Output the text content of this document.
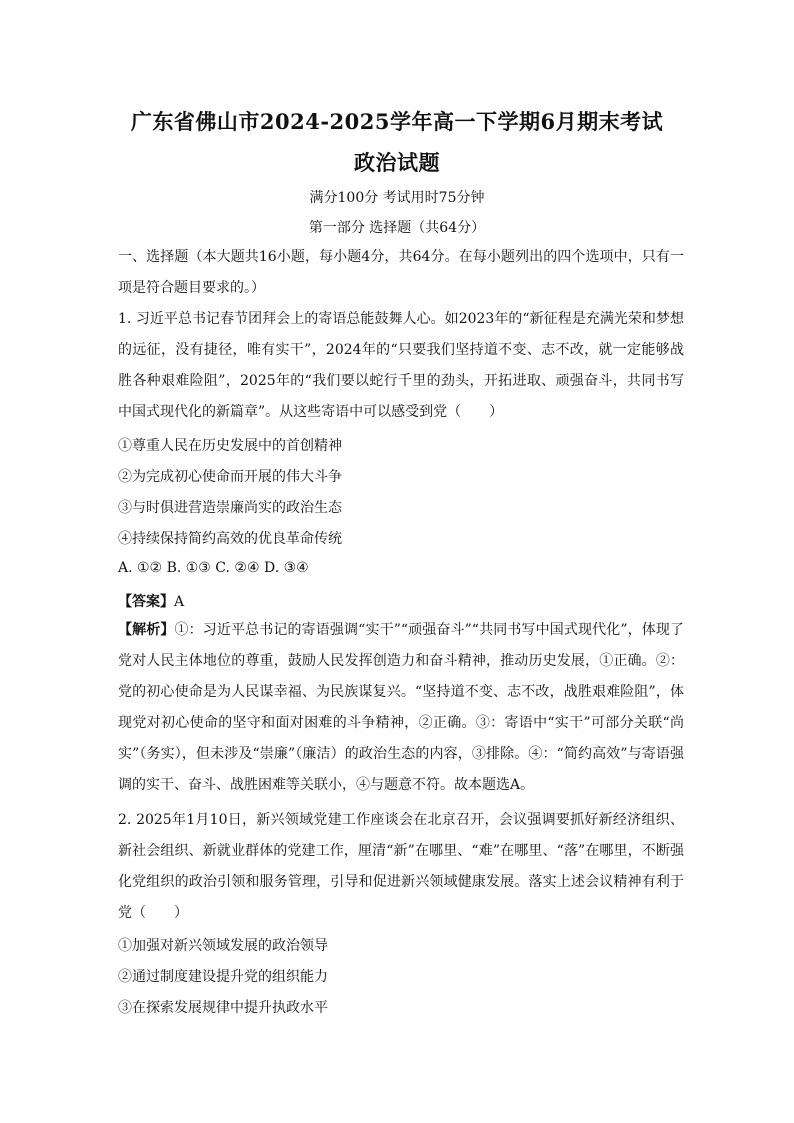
广东省佛山市2024-2025学年高一下学期6月期末考试
政治试题
满分100分 考试用时75分钟
第一部分 选择题（共64分）
一、选择题（本大题共16小题，每小题4分，共64分。在每小题列出的四个选项中，只有一项是符合题目要求的。）
1. 习近平总书记春节团拜会上的寄语总能鼓舞人心。如2023年的“新征程是充满光荣和梦想的远征，没有捷径，唯有实干”，2024年的“只要我们坚持道不变、志不改，就一定能够战胜各种艰难险阻”，2025年的“我们要以蛇行千里的劲头，开拓进取、顽强奋斗，共同书写中国式现代化的新篇章”。从这些寄语中可以感受到党（　　）
①尊重人民在历史发展中的首创精神
②为完成初心使命而开展的伟大斗争
③与时俱进营造崇廉尚实的政治生态
④持续保持简约高效的优良革命传统
A. ①② B. ①③ C. ②④ D. ③④
【答案】A
【解析】①：习近平总书记的寄语强调“实干”“顽强奋斗”“共同书写中国式现代化”，体现了党对人民主体地位的尊重，鼓励人民发挥创造力和奋斗精神，推动历史发展，①正确。②：党的初心使命是为人民谋幸福、为民族谋复兴。“坚持道不变、志不改，战胜艰难险阻”，体现党对初心使命的坚守和面对困难的斗争精神，②正确。③：寄语中“实干”可部分关联“尚实”（务实），但未涉及“崇廉”（廉洁）的政治生态的内容，③排除。④：“简约高效”与寄语强调的实干、奋斗、战胜困难等关联小，④与题意不符。故本题选A。
2. 2025年1月10日，新兴领域党建工作座谈会在北京召开，会议强调要抓好新经济组织、新社会组织、新就业群体的党建工作，厘清“新”在哪里、“难”在哪里、“落”在哪里，不断强化党组织的政治引领和服务管理，引导和促进新兴领域健康发展。落实上述会议精神有利于党（　　）
①加强对新兴领域发展的政治领导
②通过制度建设提升党的组织能力
③在探索发展规律中提升执政水平
